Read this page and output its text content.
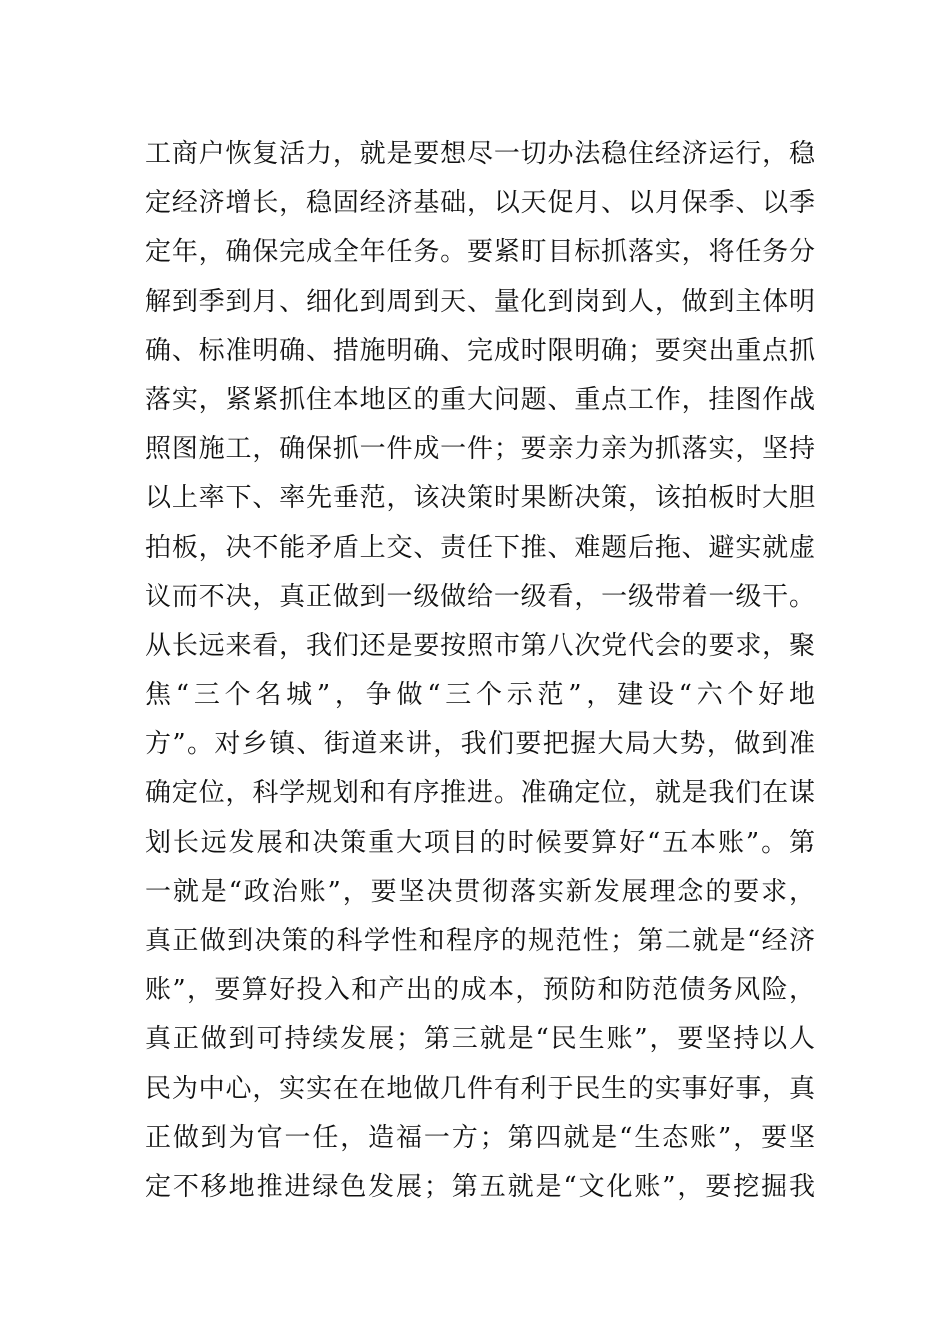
工商户恢复活力，就是要想尽一切办法稳住经济运行，稳
定经济增长，稳固经济基础，以天促月、以月保季、以季
定年，确保完成全年任务。要紧盯目标抓落实，将任务分
解到季到月、细化到周到天、量化到岗到人，做到主体明
确、标准明确、措施明确、完成时限明确；要突出重点抓
落实，紧紧抓住本地区的重大问题、重点工作，挂图作战
照图施工，确保抓一件成一件；要亲力亲为抓落实，坚持
以上率下、率先垂范，该决策时果断决策，该拍板时大胆
拍板，决不能矛盾上交、责任下推、难题后拖、避实就虚
议而不决，真正做到一级做给一级看，一级带着一级干。
从长远来看，我们还是要按照市第八次党代会的要求，聚
焦“三个名城”，争做“三个示范”，建设“六个好地
方”。对乡镇、街道来讲，我们要把握大局大势，做到准
确定位，科学规划和有序推进。准确定位，就是我们在谋
划长远发展和决策重大项目的时候要算好“五本账”。第
一就是“政治账”，要坚决贯彻落实新发展理念的要求，
真正做到决策的科学性和程序的规范性；第二就是“经济
账”，要算好投入和产出的成本，预防和防范债务风险，
真正做到可持续发展；第三就是“民生账”，要坚持以人
民为中心，实实在在地做几件有利于民生的实事好事，真
正做到为官一任，造福一方；第四就是“生态账”，要坚
定不移地推进绿色发展；第五就是“文化账”，要挖掘我
